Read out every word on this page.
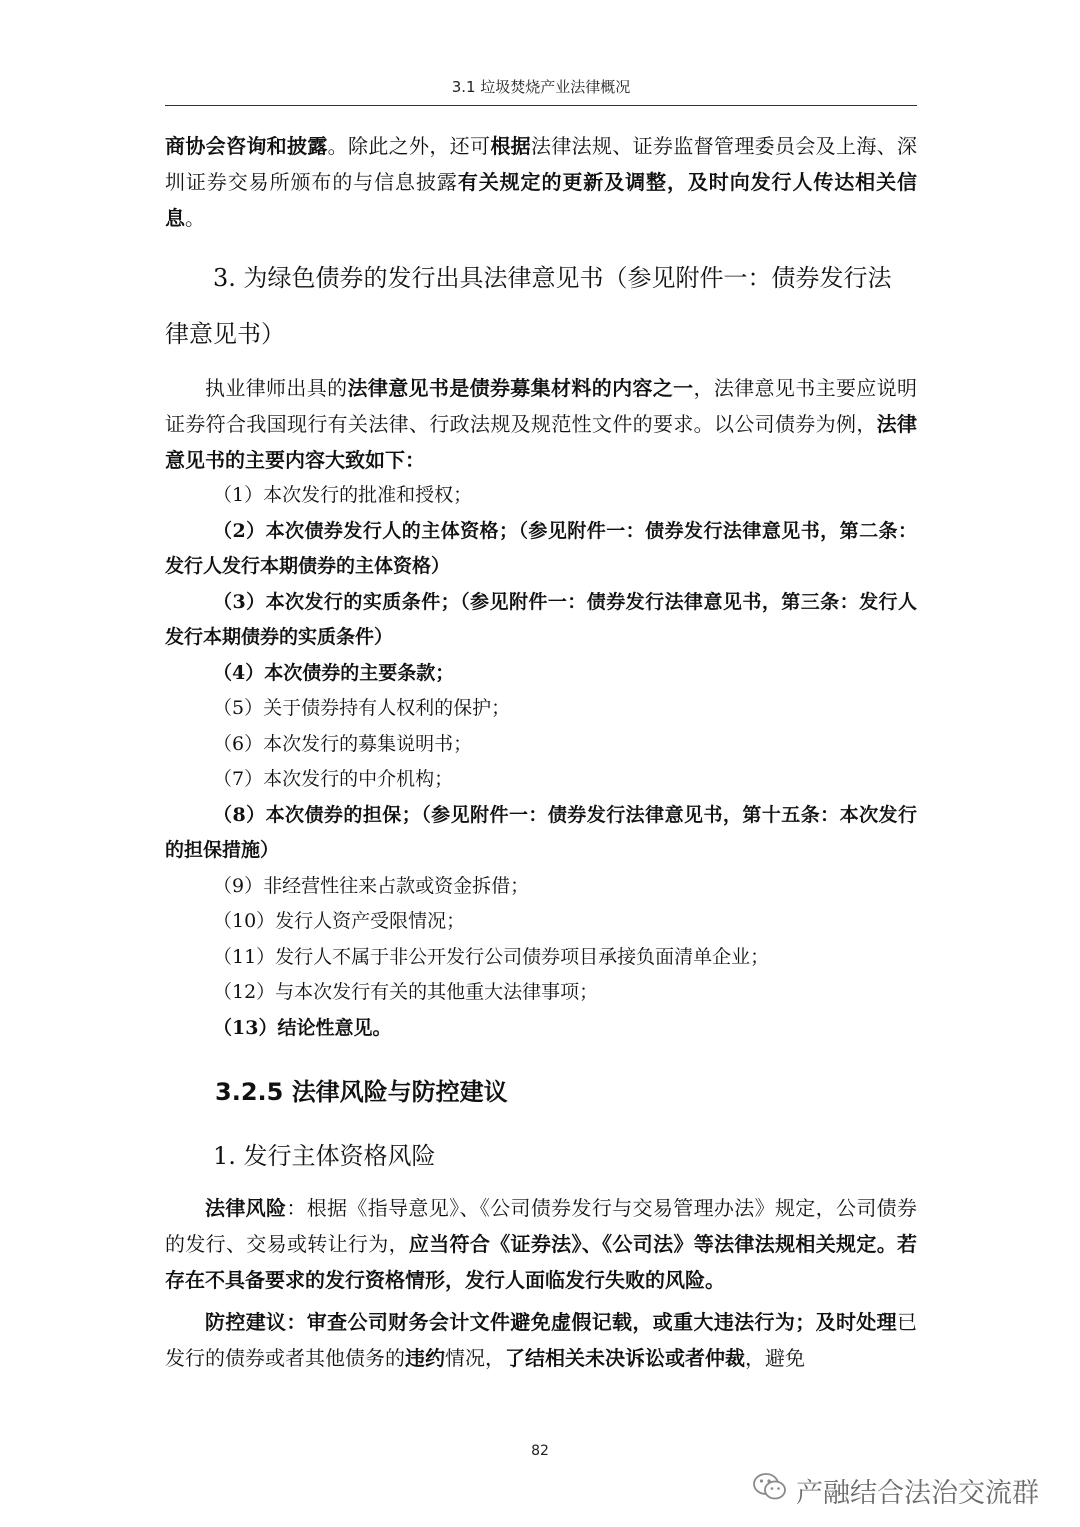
3.1 垃圾焚烧产业法律概况

商协会咨询和披露。除此之外，还可根据法律法规、证券监督管理委员会及上海、深圳证券交易所颁布的与信息披露有关规定的更新及调整，及时向发行人传达相关信息。

3. 为绿色债券的发行出具法律意见书（参见附件一：债券发行法
律意见书）

执业律师出具的法律意见书是债券募集材料的内容之一，法律意见书主要应说明证券符合我国现行有关法律、行政法规及规范性文件的要求。以公司债券为例，法律意见书的主要内容大致如下：

（1）本次发行的批准和授权；

（2）本次债券发行人的主体资格；（参见附件一：债券发行法律意见书，第二条：发行人发行本期债券的主体资格）

（3）本次发行的实质条件；（参见附件一：债券发行法律意见书，第三条：发行人发行本期债券的实质条件）

（4）本次债券的主要条款；

（5）关于债券持有人权利的保护；

（6）本次发行的募集说明书；

（7）本次发行的中介机构；

（8）本次债券的担保；（参见附件一：债券发行法律意见书，第十五条：本次发行的担保措施）

（9）非经营性往来占款或资金拆借；

（10）发行人资产受限情况；

（11）发行人不属于非公开发行公司债券项目承接负面清单企业；

（12）与本次发行有关的其他重大法律事项；

（13）结论性意见。

3.2.5 法律风险与防控建议
1. 发行主体资格风险

法律风险：根据《指导意见》、《公司债券发行与交易管理办法》规定，公司债券的发行、交易或转让行为，应当符合《证券法》、《公司法》等法律法规相关规定。若存在不具备要求的发行资格情形，发行人面临发行失败的风险。

防控建议：审查公司财务会计文件避免虚假记载，或重大违法行为；及时处理已发行的债券或者其他债务的违约情况，了结相关未决诉讼或者仲裁，避免

82
产融结合法治交流群
